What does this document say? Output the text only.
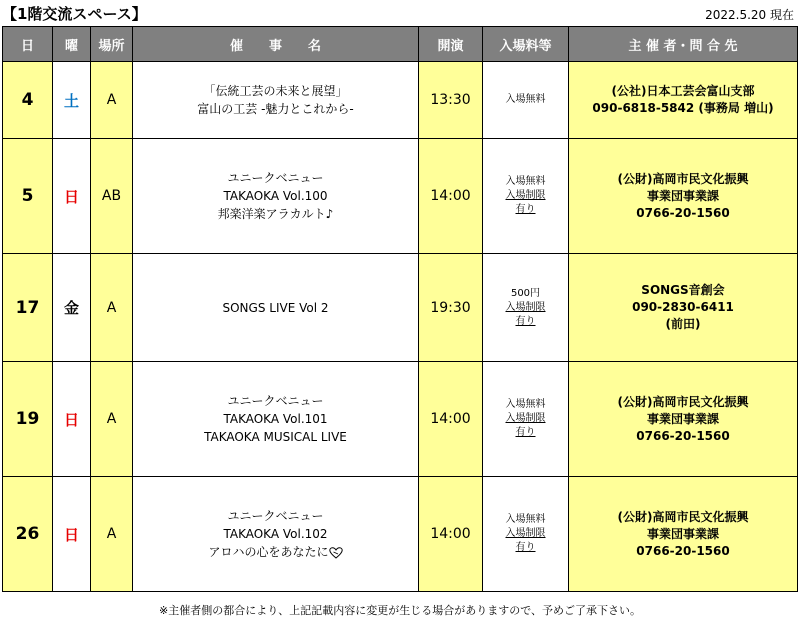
【1階交流スペース】	2022.5.20 現在
日	曜	場所	催　　事　　名	開演	入場料等	主 催 者・問 合 先
4	土	A	「伝統工芸の未来と展望」
富山の工芸 -魅力とこれから-	13:30	入場無料	(公社)日本工芸会富山支部
090-6818-5842 (事務局 増山)

5	日	AB	ユニークベニュー
TAKAOKA Vol.100
邦楽洋楽アラカルト♪	14:00	入場無料
入場制限
有り	(公財)高岡市民文化振興
事業団事業課
0766-20-1560

17	金	A	SONGS LIVE Vol 2	19:30	500円
入場制限
有り	SONGS音創会
090-2830-6411
(前田)

19	日	A	ユニークベニュー
TAKAOKA Vol.101
TAKAOKA MUSICAL LIVE	14:00	入場無料
入場制限
有り	(公財)高岡市民文化振興
事業団事業課
0766-20-1560

26	日	A	ユニークベニュー
TAKAOKA Vol.102
アロハの心をあなたに	14:00	入場無料
入場制限
有り	(公財)高岡市民文化振興
事業団事業課
0766-20-1560
※主催者側の都合により、上記記載内容に変更が生じる場合がありますので、予めご了承下さい。
